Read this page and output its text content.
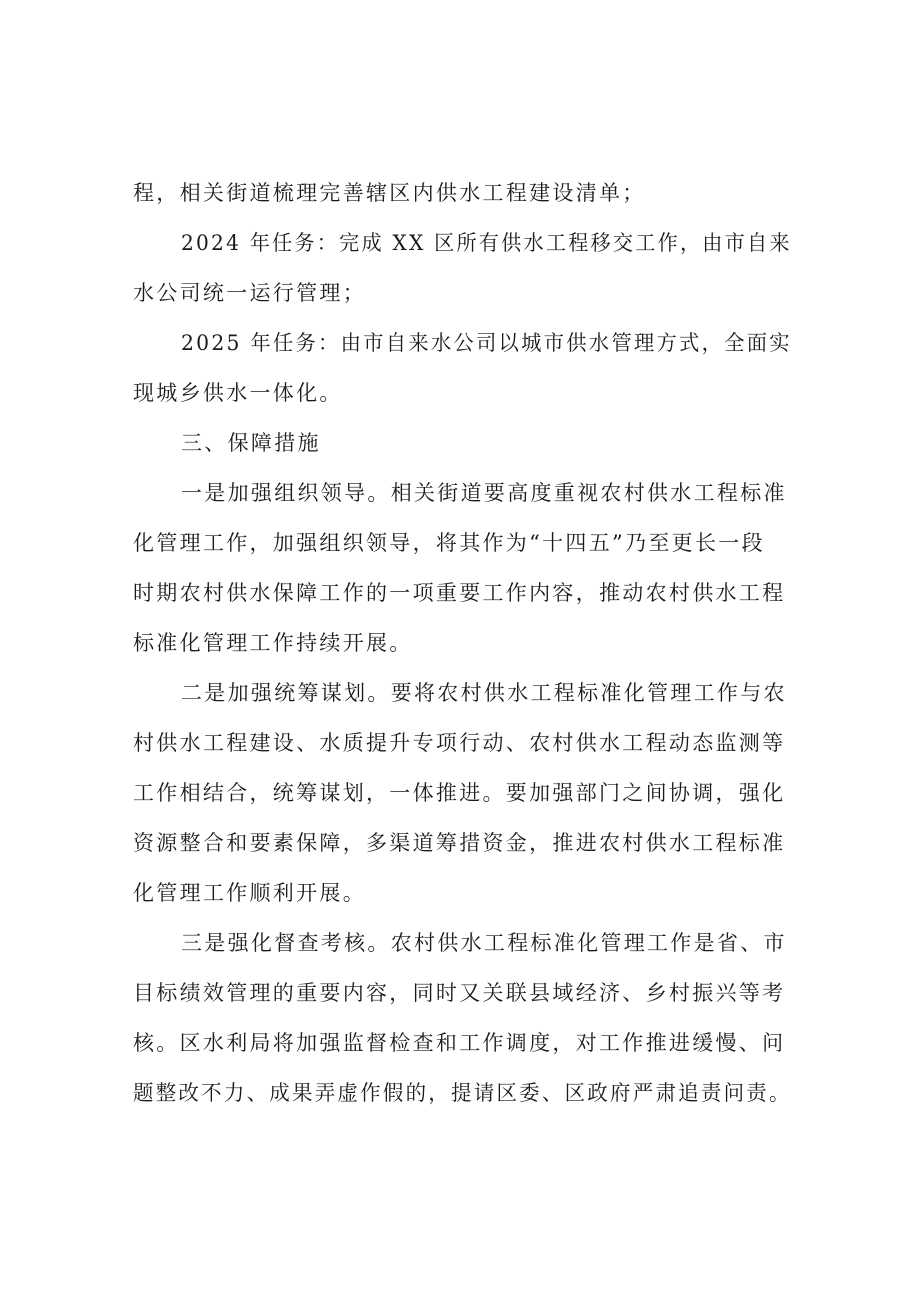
程，相关街道梳理完善辖区内供水工程建设清单；

2024 年任务：完成 XX 区所有供水工程移交工作，由市自来

水公司统一运行管理；

2025 年任务：由市自来水公司以城市供水管理方式，全面实

现城乡供水一体化。

三、保障措施

一是加强组织领导。相关街道要高度重视农村供水工程标准

化管理工作，加强组织领导，将其作为“十四五”乃至更长一段

时期农村供水保障工作的一项重要工作内容，推动农村供水工程

标准化管理工作持续开展。

二是加强统筹谋划。要将农村供水工程标准化管理工作与农

村供水工程建设、水质提升专项行动、农村供水工程动态监测等

工作相结合，统筹谋划，一体推进。要加强部门之间协调，强化

资源整合和要素保障，多渠道筹措资金，推进农村供水工程标准

化管理工作顺利开展。

三是强化督查考核。农村供水工程标准化管理工作是省、市

目标绩效管理的重要内容，同时又关联县域经济、乡村振兴等考

核。区水利局将加强监督检查和工作调度，对工作推进缓慢、问

题整改不力、成果弄虚作假的，提请区委、区政府严肃追责问责。
